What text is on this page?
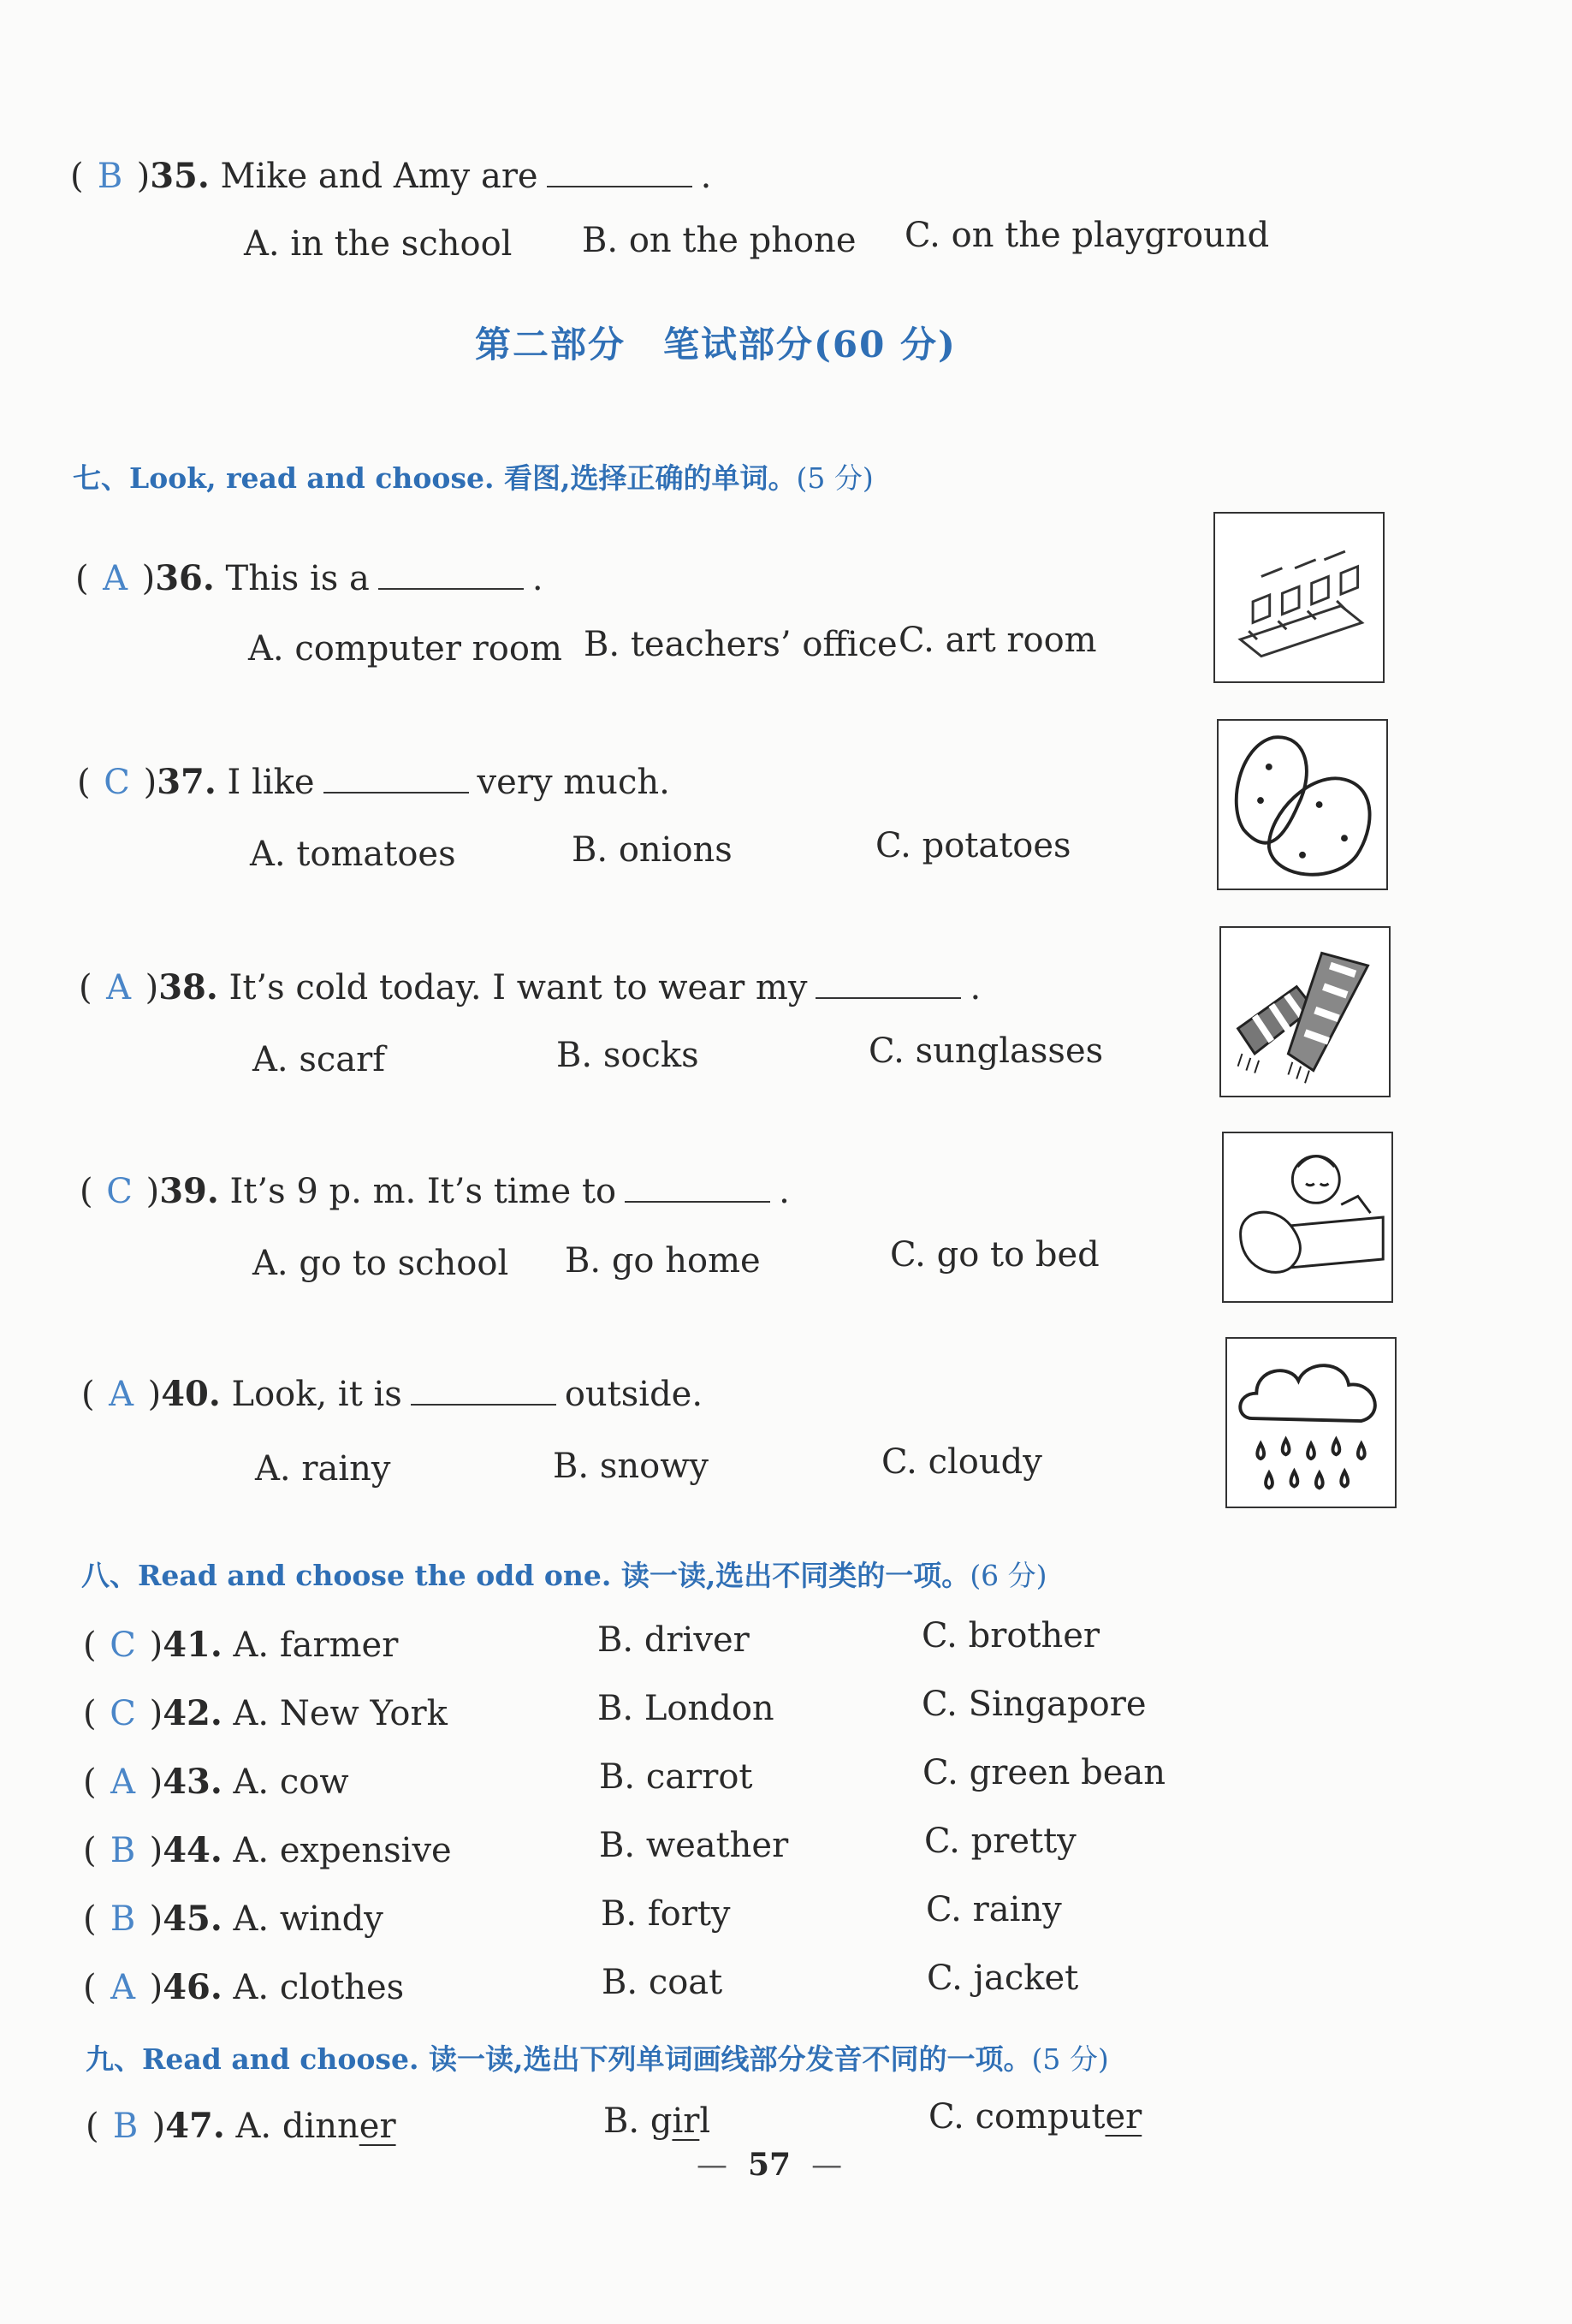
( B )35. Mike and Amy are	.
A. in the school B. on the phone C. on the playground
第二部分　笔试部分(60 分)
七、Look, read and choose. 看图,选择正确的单词。(5 分)
( A )36. This is a	.
A. computer room B. teachers’ office C. art room
( C )37. I like	very much.
A. tomatoes	B. onions	C. potatoes
( A )38. It’s cold today. I want to wear my	.
A. scarf	B. socks	C. sunglasses
( C )39. It’s 9 p. m. It’s time to	.
A. go to school B. go home	C. go to bed
( A )40. Look, it is	outside.
A. rainy	B. snowy	C. cloudy
八、Read and choose the odd one. 读一读,选出不同类的一项。(6 分)
( C )41. A. farmer	B. driver	C. brother
( C )42. A. New York	B. London	C. Singapore
( A )43. A. cow	B. carrot	C. green bean
( B )44. A. expensive	B. weather	C. pretty
( B )45. A. windy	B. forty	C. rainy
( A )46. A. clothes	B. coat	C. jacket
九、Read and choose. 读一读,选出下列单词画线部分发音不同的一项。(5 分)
( B )47. A. dinner	B. girl	C. computer
— 57 —
